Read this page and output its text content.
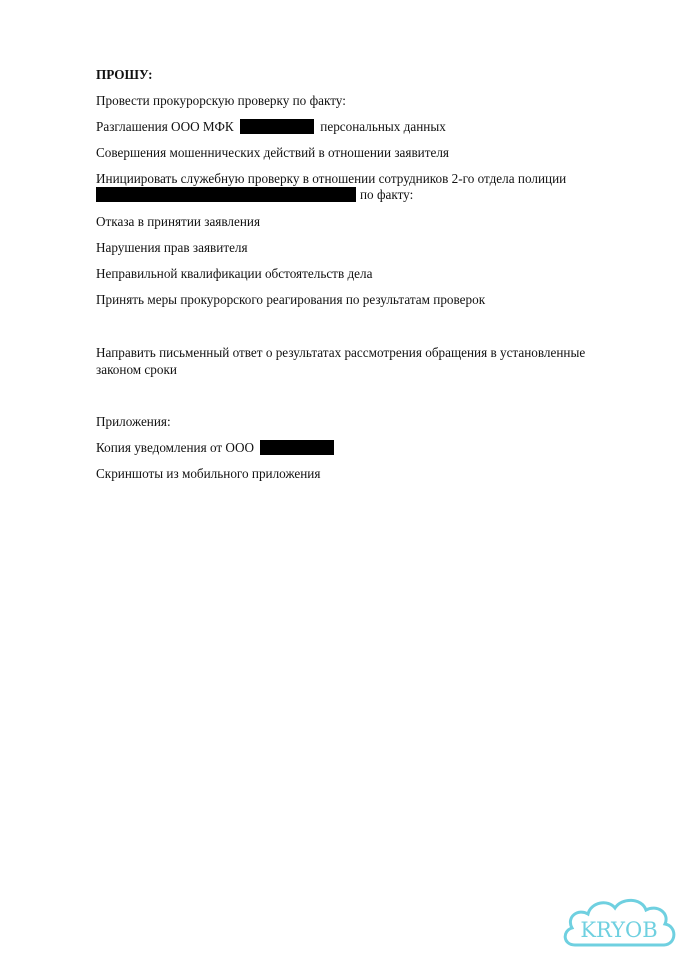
ПРОШУ:
Провести прокурорскую проверку по факту:
Разглашения ООО МФК	персональных данных
Совершения мошеннических действий в отношении заявителя
Инициировать служебную проверку в отношении сотрудников 2-го отдела полиции
по факту:
Отказа в принятии заявления
Нарушения прав заявителя
Неправильной квалификации обстоятельств дела
Принять меры прокурорского реагирования по результатам проверок
Направить письменный ответ о результатах рассмотрения обращения в установленные
законом сроки
Приложения:
Копия уведомления от ООО
Скриншоты из мобильного приложения
KRYOB
